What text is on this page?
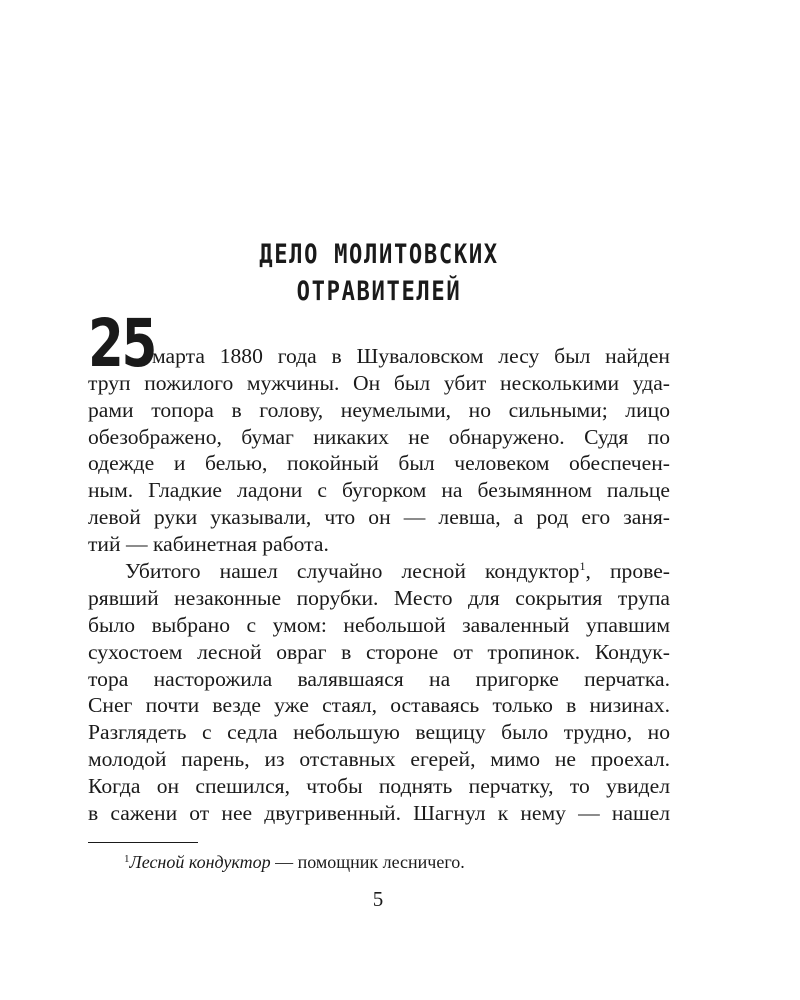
ДЕЛО МОЛИТОВСКИХ
ОТРАВИТЕЛЕЙ
25
марта 1880 года в Шуваловском лесу был найден
труп пожилого мужчины. Он был убит несколькими уда-
рами топора в голову, неумелыми, но сильными; лицо
обезображено, бумаг никаких не обнаружено. Судя по
одежде и белью, покойный был человеком обеспечен-
ным. Гладкие ладони с бугорком на безымянном пальце
левой руки указывали, что он — левша, а род его заня-
тий — кабинетная работа.
Убитого нашел случайно лесной кондуктор$^1$, прове-
рявший незаконные порубки. Место для сокрытия трупа
было выбрано с умом: небольшой заваленный упавшим
сухостоем лесной овраг в стороне от тропинок. Кондук-
тора насторожила валявшаяся на пригорке перчатка.
Снег почти везде уже стаял, оставаясь только в низинах.
Разглядеть с седла небольшую вещицу было трудно, но
молодой парень, из отставных егерей, мимо не проехал.
Когда он спешился, чтобы поднять перчатку, то увидел
в сажени от нее двугривенный. Шагнул к нему — нашел
$^1$Лесной кондуктор — помощник лесничего.
5
